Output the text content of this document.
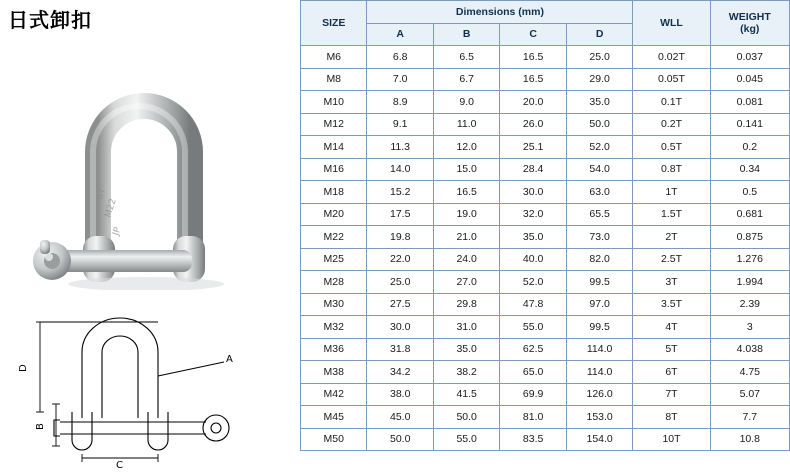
日式卸扣
6T
M22
JP
D
B
C
A
SIZE	Dimensions (mm)				WLL	WEIGHT
(kg)

	A	B	C	D		
M6	6.8	6.5	16.5	25.0	0.02T	0.037
M8	7.0	6.7	16.5	29.0	0.05T	0.045
M10	8.9	9.0	20.0	35.0	0.1T	0.081
M12	9.1	11.0	26.0	50.0	0.2T	0.141
M14	11.3	12.0	25.1	52.0	0.5T	0.2
M16	14.0	15.0	28.4	54.0	0.8T	0.34
M18	15.2	16.5	30.0	63.0	1T	0.5
M20	17.5	19.0	32.0	65.5	1.5T	0.681
M22	19.8	21.0	35.0	73.0	2T	0.875
M25	22.0	24.0	40.0	82.0	2.5T	1.276
M28	25.0	27.0	52.0	99.5	3T	1.994
M30	27.5	29.8	47.8	97.0	3.5T	2.39
M32	30.0	31.0	55.0	99.5	4T	3
M36	31.8	35.0	62.5	114.0	5T	4.038
M38	34.2	38.2	65.0	114.0	6T	4.75
M42	38.0	41.5	69.9	126.0	7T	5.07
M45	45.0	50.0	81.0	153.0	8T	7.7
M50	50.0	55.0	83.5	154.0	10T	10.8
